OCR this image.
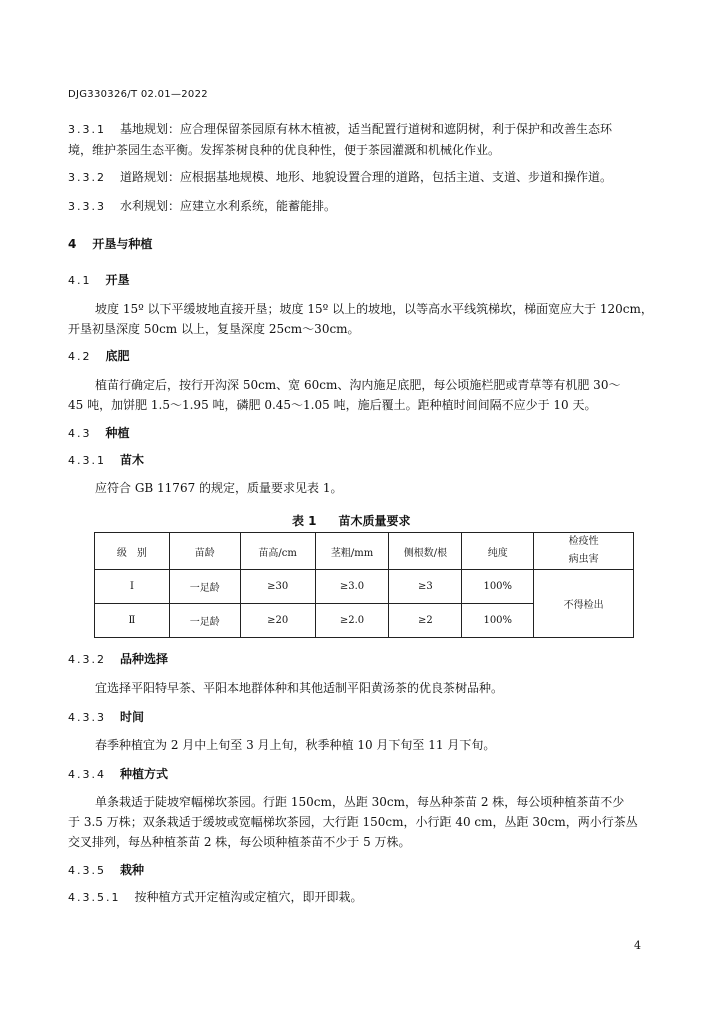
DJG330326/T 02.01—2022
3.3.1 基地规划：应合理保留茶园原有林木植被，适当配置行道树和遮阴树，利于保护和改善生态环
境，维护茶园生态平衡。发挥茶树良种的优良种性，便于茶园灌溉和机械化作业。
3.3.2 道路规划：应根据基地规模、地形、地貌设置合理的道路，包括主道、支道、步道和操作道。
3.3.3 水利规划：应建立水利系统，能蓄能排。
4 开垦与种植
4.1 开垦
坡度 15º 以下平缓坡地直接开垦；坡度 15º 以上的坡地，以等高水平线筑梯坎，梯面宽应大于 120cm，
开垦初垦深度 50cm 以上，复垦深度 25cm～30cm。
4.2 底肥
植苗行确定后，按行开沟深 50cm、宽 60cm、沟内施足底肥，每公顷施栏肥或青草等有机肥 30～
45 吨，加饼肥 1.5～1.95 吨，磷肥 0.45～1.05 吨，施后覆土。距种植时间间隔不应少于 10 天。
4.3 种植
4.3.1 苗木
应符合 GB 11767 的规定，质量要求见表 1。
表 1 苗木质量要求
级　别	苗龄	苗高/cm	茎粗/mm	侧根数/根	纯度	检疫性
病虫害

Ⅰ	一足龄	≥30	≥3.0	≥3	100%	不得检出
Ⅱ	一足龄	≥20	≥2.0	≥2	100%	
4.3.2 品种选择
宜选择平阳特早茶、平阳本地群体种和其他适制平阳黄汤茶的优良茶树品种。
4.3.3 时间
春季种植宜为 2 月中上旬至 3 月上旬，秋季种植 10 月下旬至 11 月下旬。
4.3.4 种植方式
单条栽适于陡坡窄幅梯坎茶园。行距 150cm，丛距 30cm，每丛种茶苗 2 株，每公顷种植茶苗不少
于 3.5 万株；双条栽适于缓坡或宽幅梯坎茶园，大行距 150cm，小行距 40 cm，丛距 30cm，两小行茶丛
交叉排列，每丛种植茶苗 2 株，每公顷种植茶苗不少于 5 万株。
4.3.5 栽种
4.3.5.1 按种植方式开定植沟或定植穴，即开即栽。
4
